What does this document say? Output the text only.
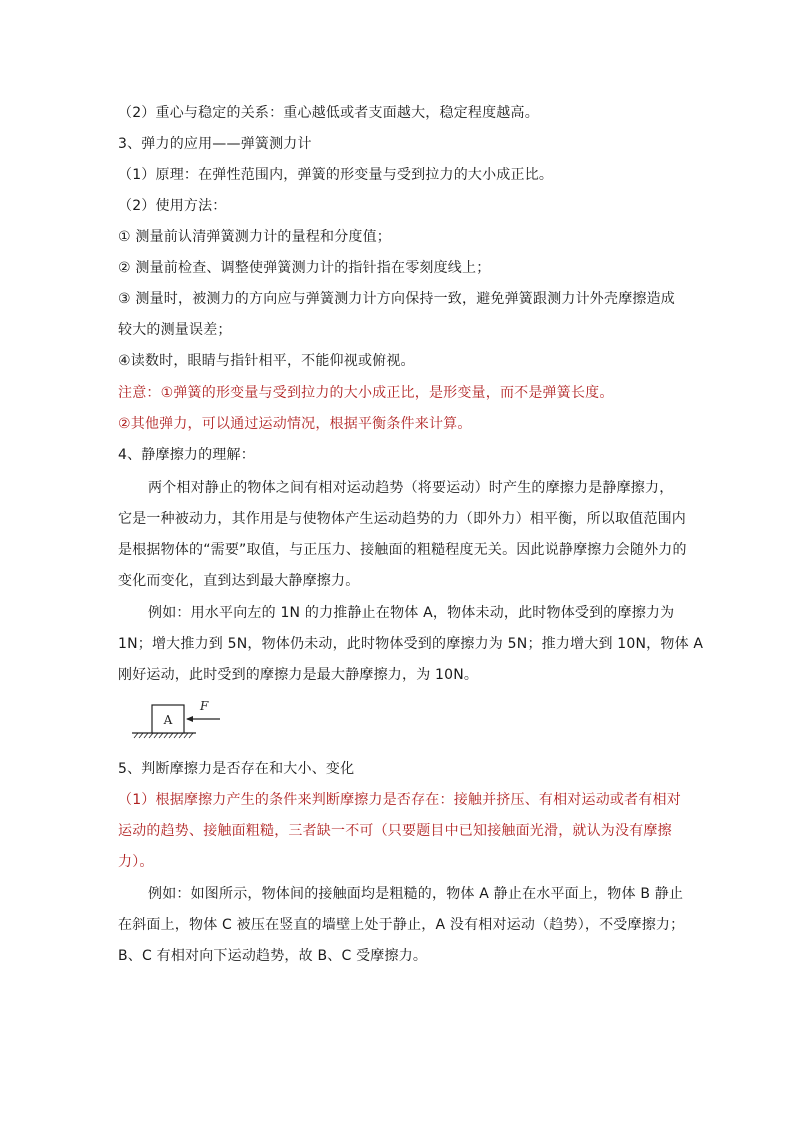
（2）重心与稳定的关系：重心越低或者支面越大，稳定程度越高。
3、弹力的应用——弹簧测力计
（1）原理：在弹性范围内，弹簧的形变量与受到拉力的大小成正比。
（2）使用方法：
① 测量前认清弹簧测力计的量程和分度值；
② 测量前检查、调整使弹簧测力计的指针指在零刻度线上；
③ 测量时，被测力的方向应与弹簧测力计方向保持一致，避免弹簧跟测力计外壳摩擦造成
较大的测量误差；
④读数时，眼睛与指针相平，不能仰视或俯视。
注意：①弹簧的形变量与受到拉力的大小成正比，是形变量，而不是弹簧长度。
②其他弹力，可以通过运动情况，根据平衡条件来计算。
4、静摩擦力的理解：
两个相对静止的物体之间有相对运动趋势（将要运动）时产生的摩擦力是静摩擦力，
它是一种被动力，其作用是与使物体产生运动趋势的力（即外力）相平衡，所以取值范围内
是根据物体的“需要”取值，与正压力、接触面的粗糙程度无关。因此说静摩擦力会随外力的
变化而变化，直到达到最大静摩擦力。
例如：用水平向左的 1N 的力推静止在物体 A，物体未动，此时物体受到的摩擦力为
1N；增大推力到 5N，物体仍未动，此时物体受到的摩擦力为 5N；推力增大到 10N，物体 A
刚好运动，此时受到的摩擦力是最大静摩擦力，为 10N。
A
F
5、判断摩擦力是否存在和大小、变化
（1）根据摩擦力产生的条件来判断摩擦力是否存在：接触并挤压、有相对运动或者有相对
运动的趋势、接触面粗糙，三者缺一不可（只要题目中已知接触面光滑，就认为没有摩擦
力）。
例如：如图所示，物体间的接触面均是粗糙的，物体 A 静止在水平面上，物体 B 静止
在斜面上，物体 C 被压在竖直的墙壁上处于静止，A 没有相对运动（趋势），不受摩擦力；
B、C 有相对向下运动趋势，故 B、C 受摩擦力。
